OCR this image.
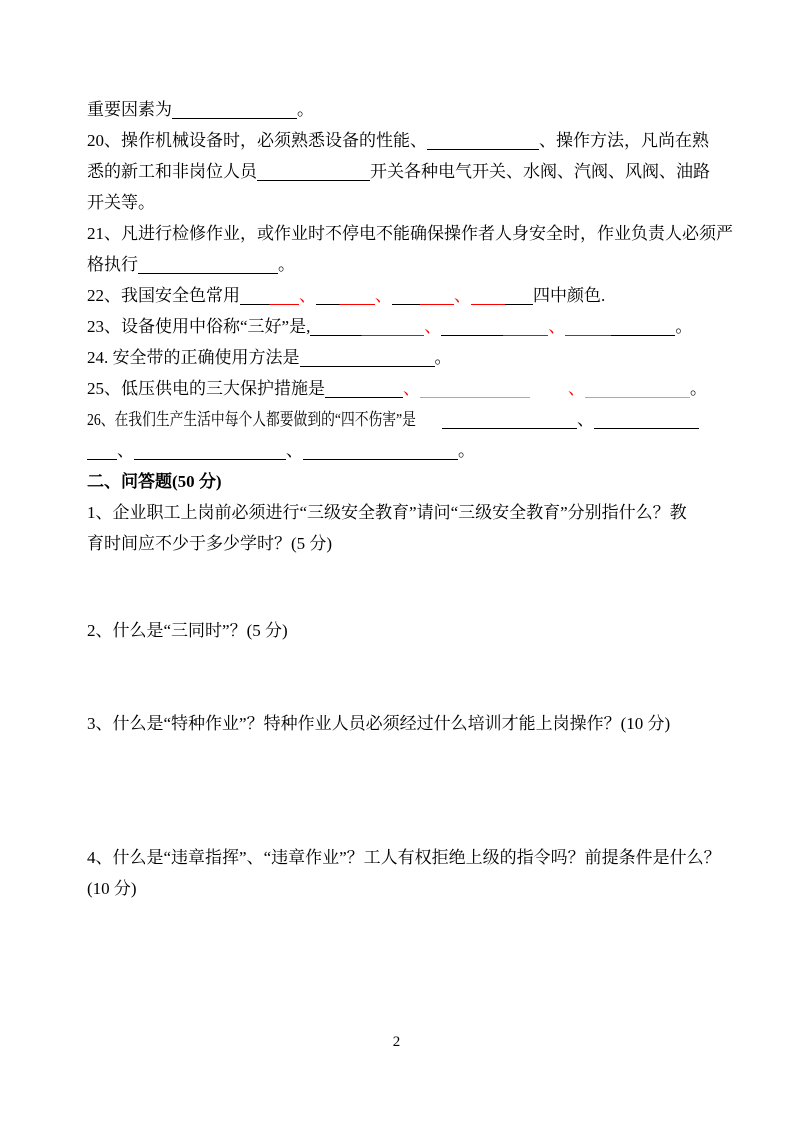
重要因素为	。
20、操作机械设备时，必须熟悉设备的性能、	、操作方法，凡尚在熟
悉的新工和非岗位人员	开关各种电气开关、水阀、汽阀、风阀、油路
开关等。
21、凡进行检修作业，或作业时不停电不能确保操作者人身安全时，作业负责人必须严
格执行	。
22、我国安全色常用	、	、	、	四中颜色.
23、设备使用中俗称“三好”是,	、	、	。
24. 安全带的正确使用方法是	。
25、低压供电的三大保护措施是	、	、	。
26、在我们生产生活中每个人都要做到的“四不伤害”是	、
、	、	。
二、问答题(50 分)
1、企业职工上岗前必须进行“三级安全教育”请问“三级安全教育”分别指什么？教
育时间应不少于多少学时？(5 分)
2、什么是“三同时”？(5 分)
3、什么是“特种作业”？特种作业人员必须经过什么培训才能上岗操作？(10 分)
4、什么是“违章指挥”、“违章作业”？工人有权拒绝上级的指令吗？前提条件是什么？
(10 分)
2
